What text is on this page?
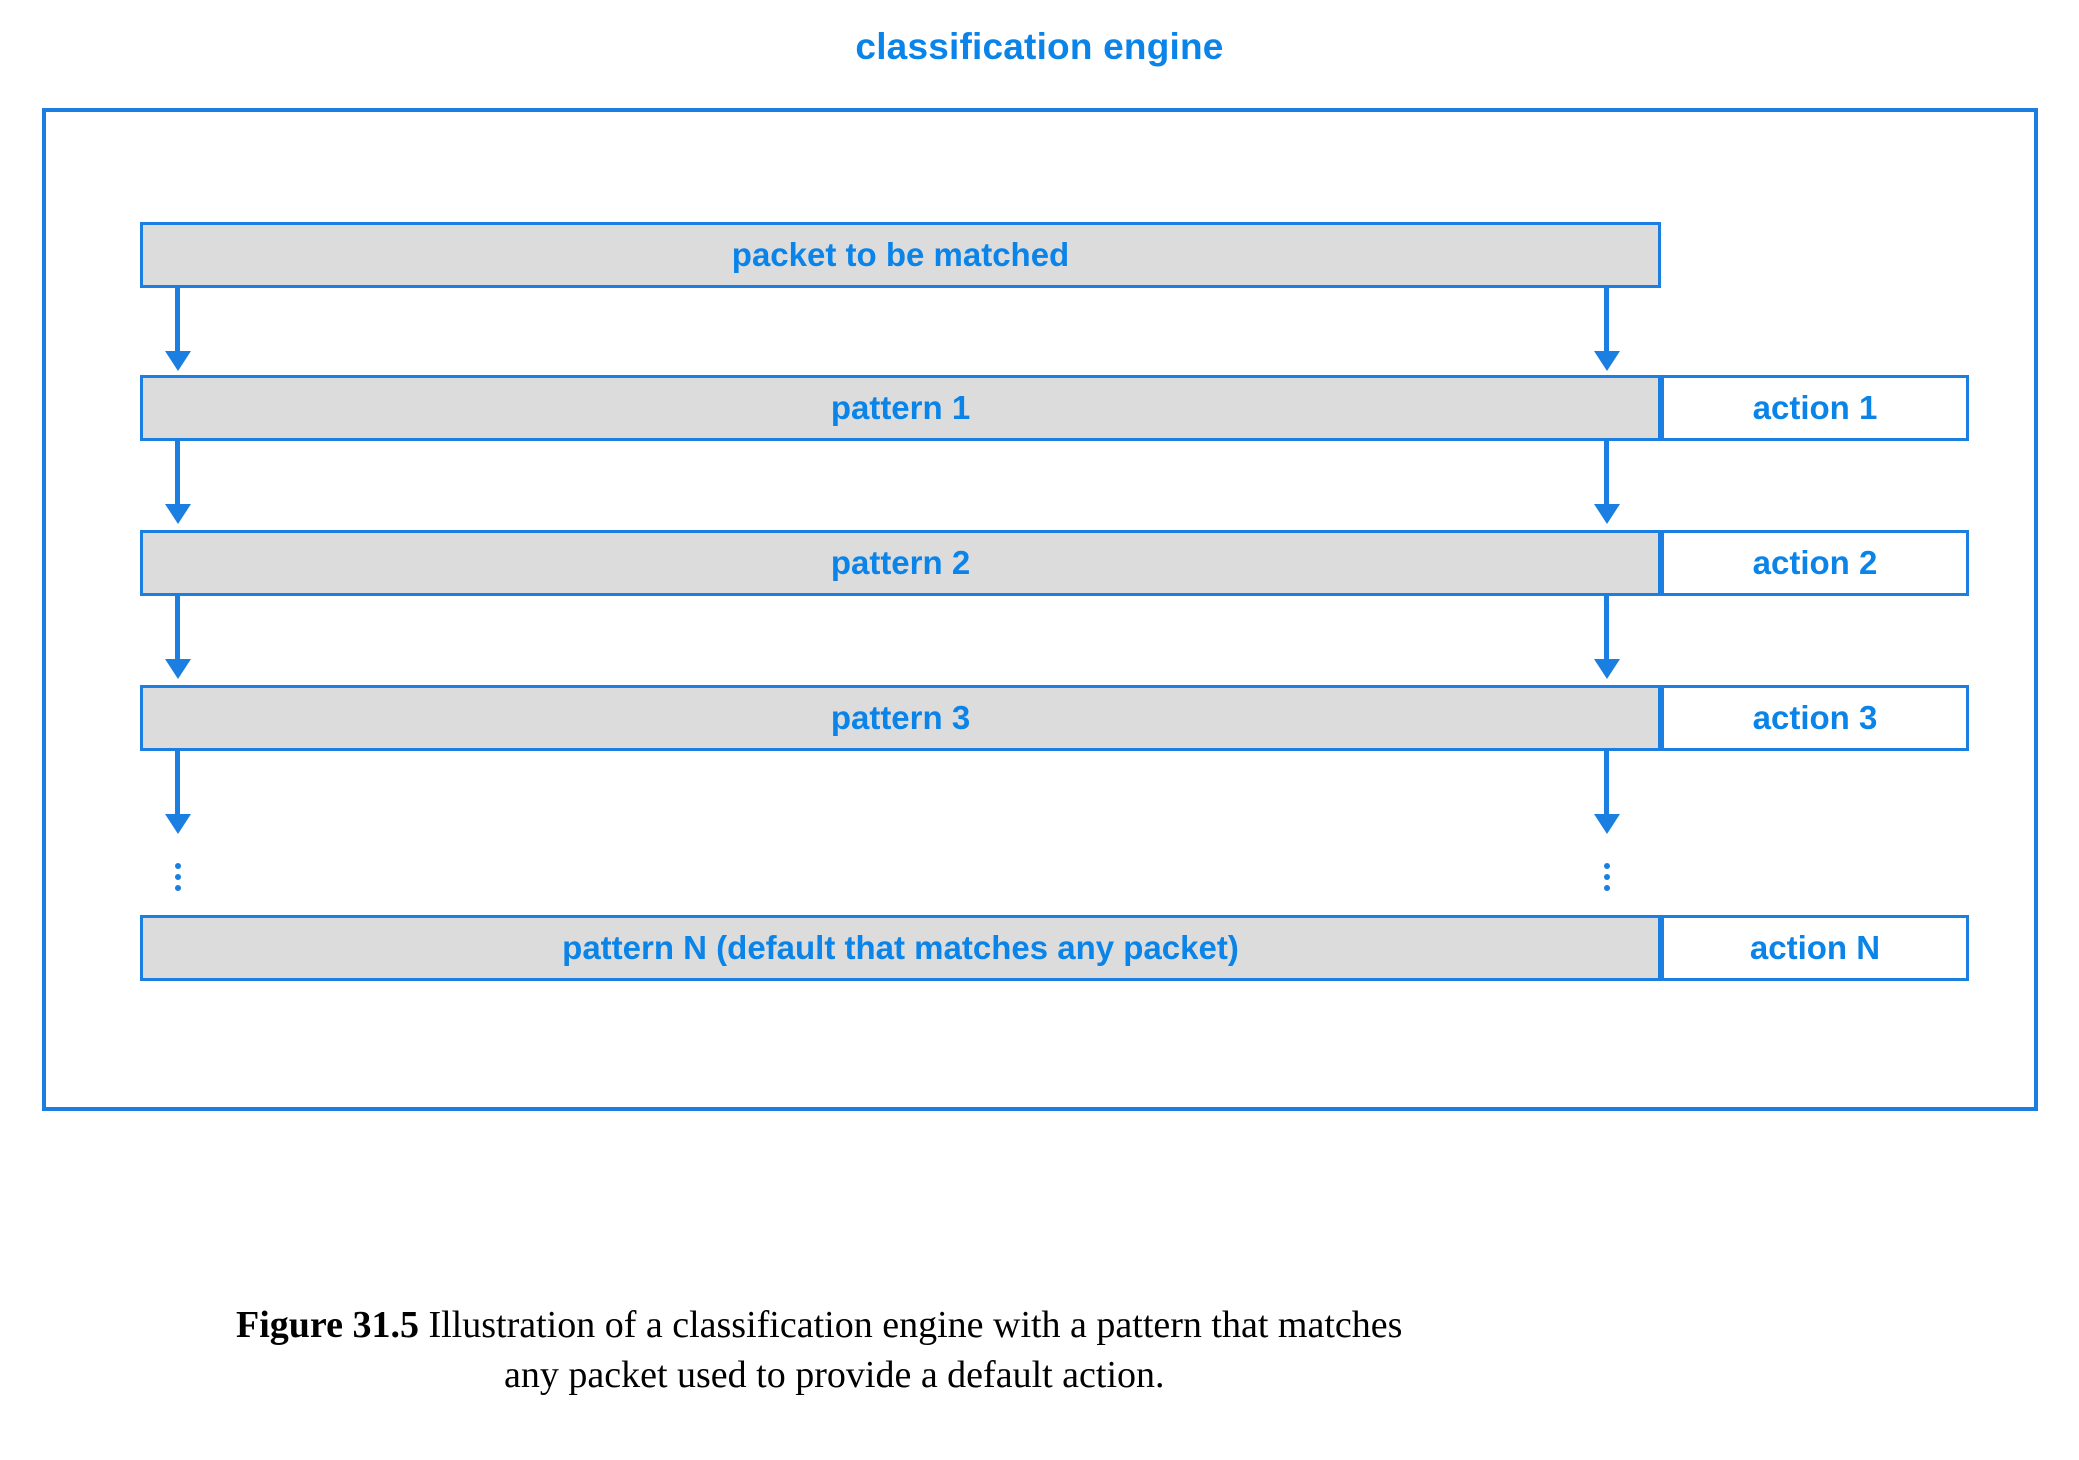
classification engine
packet to be matched
pattern 1	action 1
pattern 2	action 2
pattern 3	action 3
pattern N (default that matches any packet)	action N
Figure 31.5 Illustration of a classification engine with a pattern that matches
any packet used to provide a default action.
